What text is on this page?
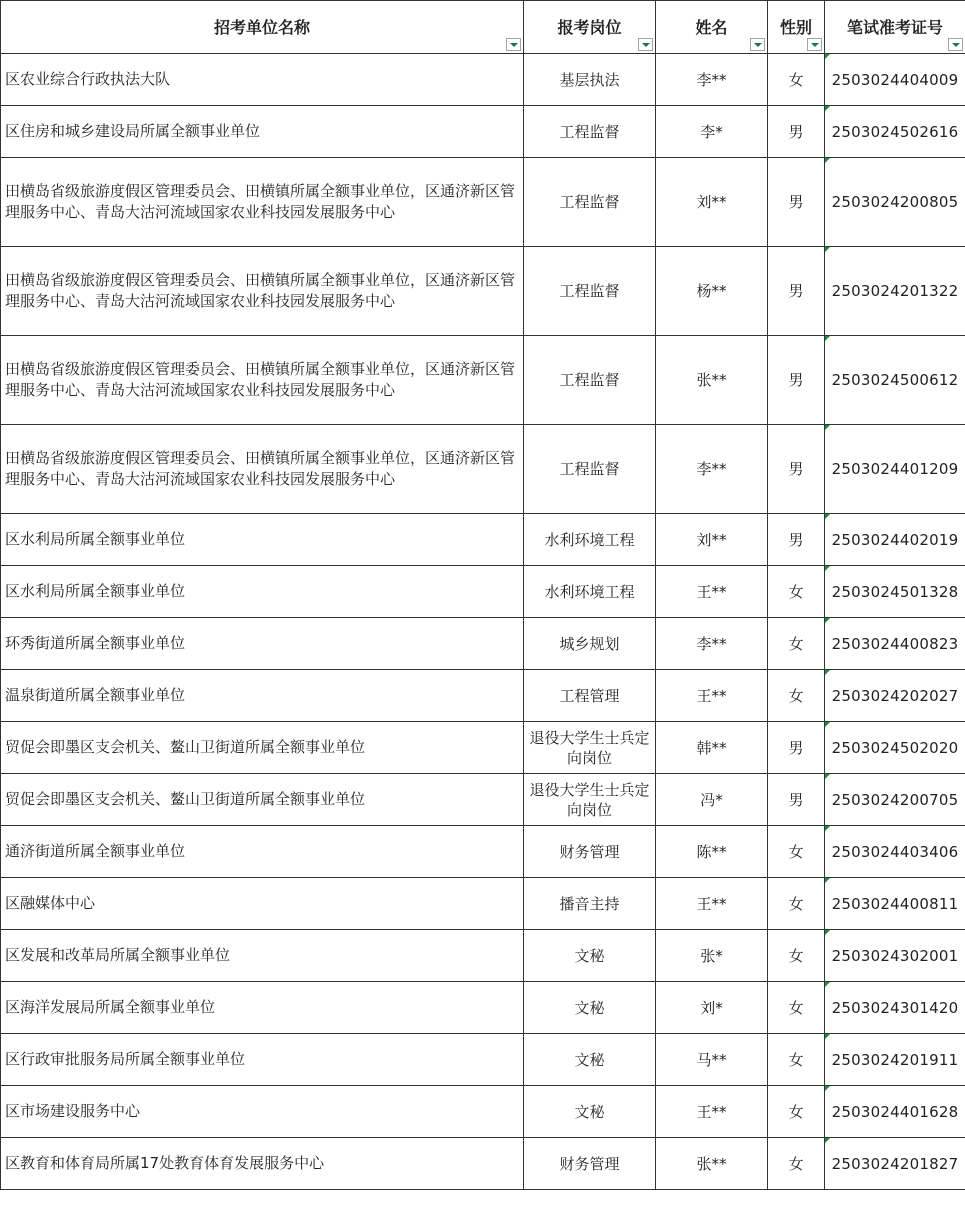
招考单位名称	报考岗位	姓名	性别	笔试准考证号

区农业综合行政执法大队	基层执法	李**	女	2503024404009
区住房和城乡建设局所属全额事业单位	工程监督	李*	男	2503024502616
田横岛省级旅游度假区管理委员会、田横镇所属全额事业单位，区通济新区管理服务中心、青岛大沽河流域国家农业科技园发展服务中心	工程监督	刘**	男	2503024200805
田横岛省级旅游度假区管理委员会、田横镇所属全额事业单位，区通济新区管理服务中心、青岛大沽河流域国家农业科技园发展服务中心	工程监督	杨**	男	2503024201322
田横岛省级旅游度假区管理委员会、田横镇所属全额事业单位，区通济新区管理服务中心、青岛大沽河流域国家农业科技园发展服务中心	工程监督	张**	男	2503024500612
田横岛省级旅游度假区管理委员会、田横镇所属全额事业单位，区通济新区管理服务中心、青岛大沽河流域国家农业科技园发展服务中心	工程监督	李**	男	2503024401209
区水利局所属全额事业单位	水利环境工程	刘**	男	2503024402019
区水利局所属全额事业单位	水利环境工程	王**	女	2503024501328
环秀街道所属全额事业单位	城乡规划	李**	女	2503024400823
温泉街道所属全额事业单位	工程管理	王**	女	2503024202027
贸促会即墨区支会机关、鳌山卫街道所属全额事业单位	退役大学生士兵定向岗位	韩**	男	2503024502020
贸促会即墨区支会机关、鳌山卫街道所属全额事业单位	退役大学生士兵定向岗位	冯*	男	2503024200705
通济街道所属全额事业单位	财务管理	陈**	女	2503024403406
区融媒体中心	播音主持	王**	女	2503024400811
区发展和改革局所属全额事业单位	文秘	张*	女	2503024302001
区海洋发展局所属全额事业单位	文秘	刘*	女	2503024301420
区行政审批服务局所属全额事业单位	文秘	马**	女	2503024201911
区市场建设服务中心	文秘	王**	女	2503024401628
区教育和体育局所属17处教育体育发展服务中心	财务管理	张**	女	2503024201827
